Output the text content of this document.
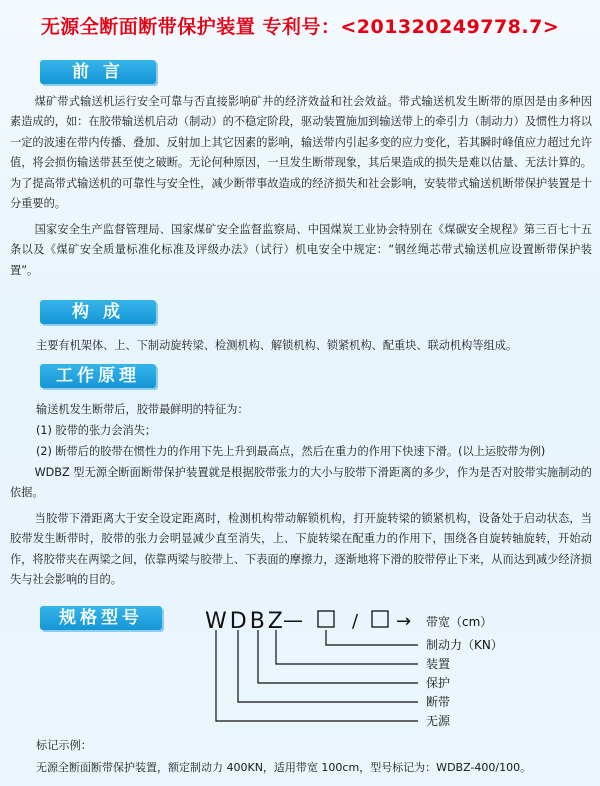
无源全断面断带保护装置 专利号：<201320249778.7>
前 言

煤矿带式输送机运行安全可靠与否直接影响矿井的经济效益和社会效益。带式输送机发生断带的原因是由多种因素造成的，如：在胶带输送机启动（制动）的不稳定阶段，驱动装置施加到输送带上的牵引力（制动力）及惯性力将以一定的波速在带内传播、叠加、反射加上其它因素的影响，输送带内引起多变的应力变化，若其瞬时峰值应力超过允许值，将会损伤输送带甚至使之破断。无论何种原因，一旦发生断带现象，其后果造成的损失是难以估量、无法计算的。为了提高带式输送机的可靠性与安全性，减少断带事故造成的经济损失和社会影响，安装带式输送机断带保护装置是十分重要的。

国家安全生产监督管理局、国家煤矿安全监督监察局、中国煤炭工业协会特别在《煤碳安全规程》第三百七十五条以及《煤矿安全质量标准化标准及评级办法》（试行）机电安全中规定：“钢丝绳芯带式输送机应设置断带保护装置”。

构 成

主要有机架体、上、下制动旋转梁、检测机构、解锁机构、锁紧机构、配重块、联动机构等组成。

工作原理

输送机发生断带后，胶带最鲜明的特征为：

(1) 胶带的张力会消失；

(2) 断带后的胶带在惯性力的作用下先上升到最高点，然后在重力的作用下快速下滑。(以上运胶带为例)

WDBZ 型无源全断面断带保护装置就是根据胶带张力的大小与胶带下滑距离的多少，作为是否对胶带实施制动的依据。

当胶带下滑距离大于安全设定距离时，检测机构带动解锁机构，打开旋转梁的锁紧机构，设备处于启动状态，当胶带发生断带时，胶带的张力会明显减少直至消失，上、下旋转梁在配重力的作用下，围绕各自旋转轴旋转，开始动作，将胶带夹在两梁之间，依靠两梁与胶带上、下表面的摩擦力，逐渐地将下滑的胶带停止下来，从而达到减少经济损失与社会影响的目的。

规格型号	WDBZ
—	/ → 带宽（cm）
制动力（KN）
装置
保护
断带
无源

标记示例：

无源全断面断带保护装置，额定制动力 400KN，适用带宽 100cm，型号标记为：WDBZ-400/100。
